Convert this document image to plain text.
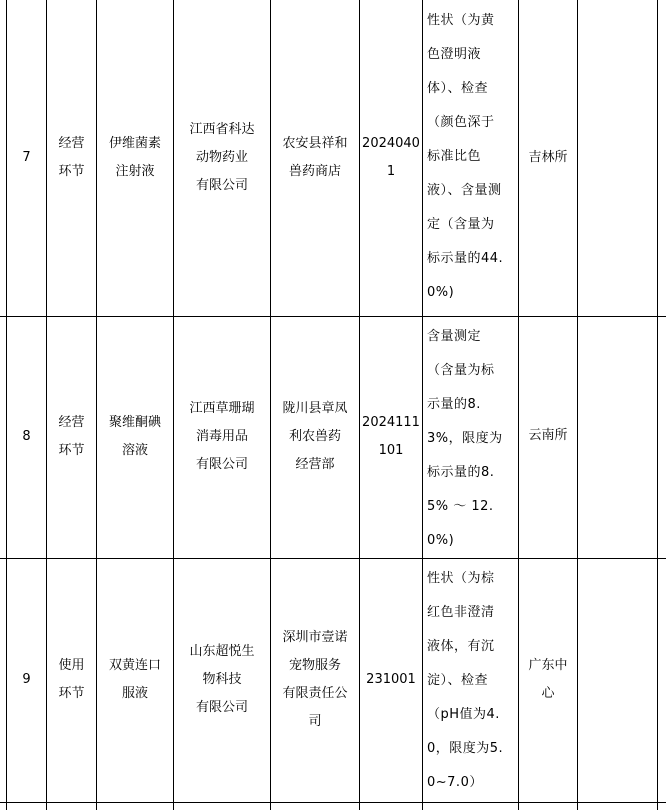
7
经营
环节
伊维菌素
注射液
江西省科达
动物药业
有限公司
农安县祥和
兽药商店
2024040
1
性状（为黄
色澄明液
体）、检查
（颜色深于
标准比色
液）、含量测
定（含量为
标示量的44.
0%)
吉林所
8
经营
环节
聚维酮碘
溶液
江西草珊瑚
消毒用品
有限公司
陇川县章凤
利农兽药
经营部
2024111
101
含量测定
（含量为标
示量的8.
3%，限度为
标示量的8.
5% ～ 12.
0%)
云南所
9
使用
环节
双黄连口
服液
山东超悦生
物科技
有限公司
深圳市壹诺
宠物服务
有限责任公
司
231001
性状（为棕
红色非澄清
液体，有沉
淀）、检查
（pH值为4.
0，限度为5.
0~7.0）
广东中
心
